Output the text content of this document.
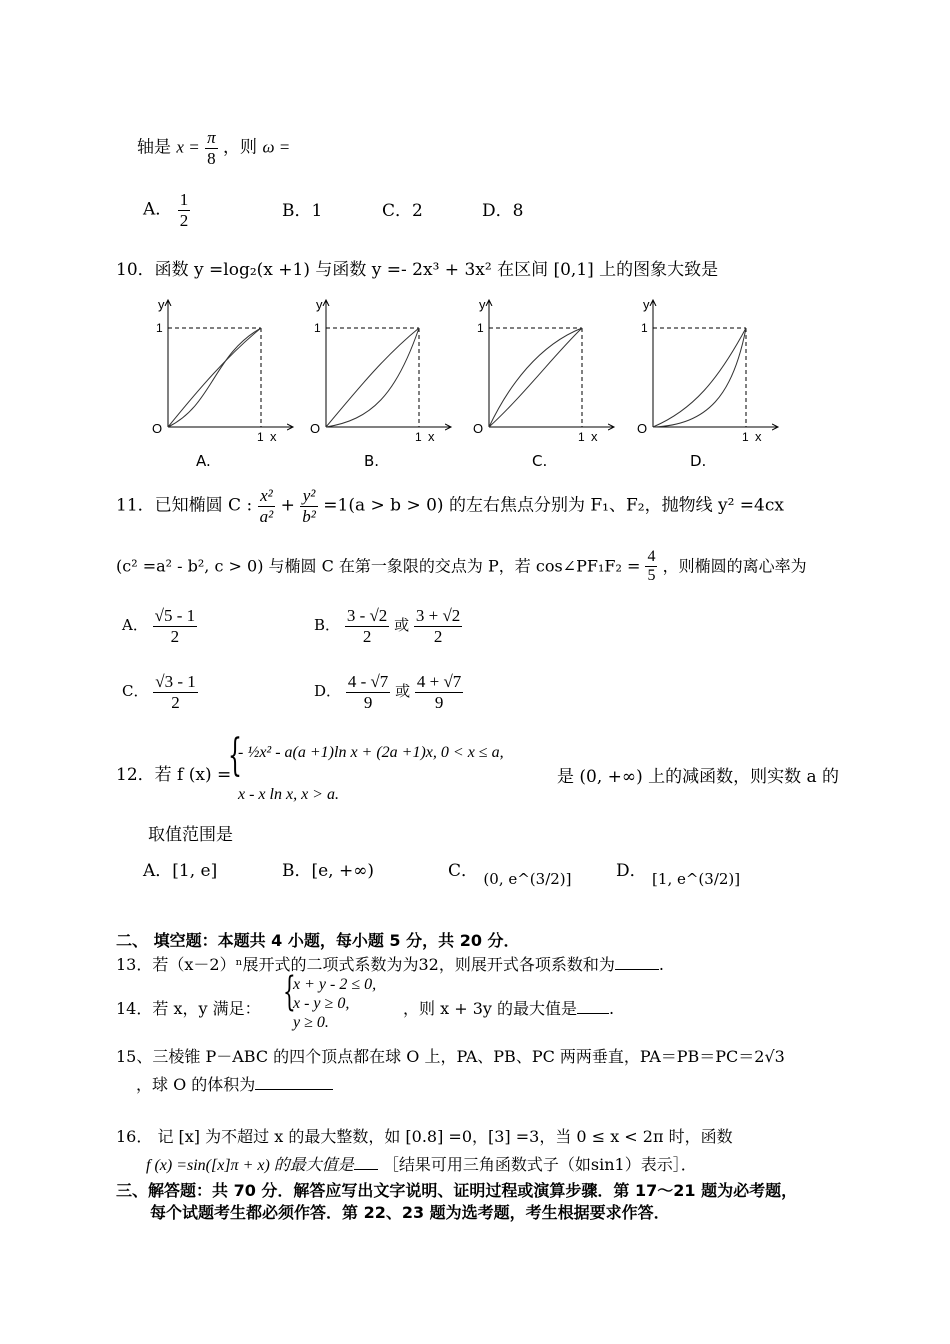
轴是 $x = \frac{\pi}{8}$ ，则 ω =
A． $\frac{1}{2}$	B．1	C．2	D．8
10．函数 y =log₂(x +1) 与函数 y =- 2x³ + 3x² 在区间 [0,1] 上的图象大致是
O
1
1
y
x
O
1
1
y
x
O
1
1
y
x
O
1
1
y
x
A.	B.	C.	D.
11．已知椭圆 C : $\frac{\text{x²}}{\text{a²}} + \frac{\text{y²}}{\text{b²}} =1(a > b > 0)$ 的左右焦点分别为 F₁、F₂，抛物线 y² =4cx
(c² =a² - b², c > 0) 与椭圆 C 在第一象限的交点为 P，若 cos∠PF₁F₂ = $\frac{4}{5}$ ，则椭圆的离心率为
A． $\frac{√5 - 1}{2}$	B． $\frac{3 - √2}{2}$ 或 $\frac{3 + √2}{2}$
C． $\frac{√3 - 1}{2}$	D． $\frac{4 - √7}{9}$ 或 $\frac{4 + √7}{9}$
12．若 f (x) =
{
- ½x² - a(a +1)ln x + (2a +1)x, 0 < x ≤ a,
x - x ln x, x > a.
是 (0, +∞) 上的减函数，则实数 a 的
取值范围是
A．[1, e]	B．[e, +∞)	C． (0, e^(3/2)]	D． [1, e^(3/2)]
二、 填空题：本题共 4 小题，每小题 5 分，共 20 分．
13．若（x－2）ⁿ展开式的二项式系数为为32，则展开式各项系数和为	.
14．若 x，y 满足： {
x + y - 2 ≤ 0,
x - y ≥ 0,
y ≥ 0.
，则 x + 3y 的最大值是 .
15、三棱锥 P－ABC 的四个顶点都在球 O 上，PA、PB、PC 两两垂直，PA＝PB＝PC＝2√3
，球 O 的体积为
16． 记 [x] 为不超过 x 的最大整数，如 [0.8] =0，[3] =3，当 0 ≤ x < 2π 时，函数
f (x) =sin([x]π + x) 的最大值是 ［结果可用三角函数式子（如sin1）表示］．
三、解答题：共 70 分．解答应写出文字说明、证明过程或演算步骤．第 17～21 题为必考题，
每个试题考生都必须作答．第 22、23 题为选考题，考生根据要求作答．
